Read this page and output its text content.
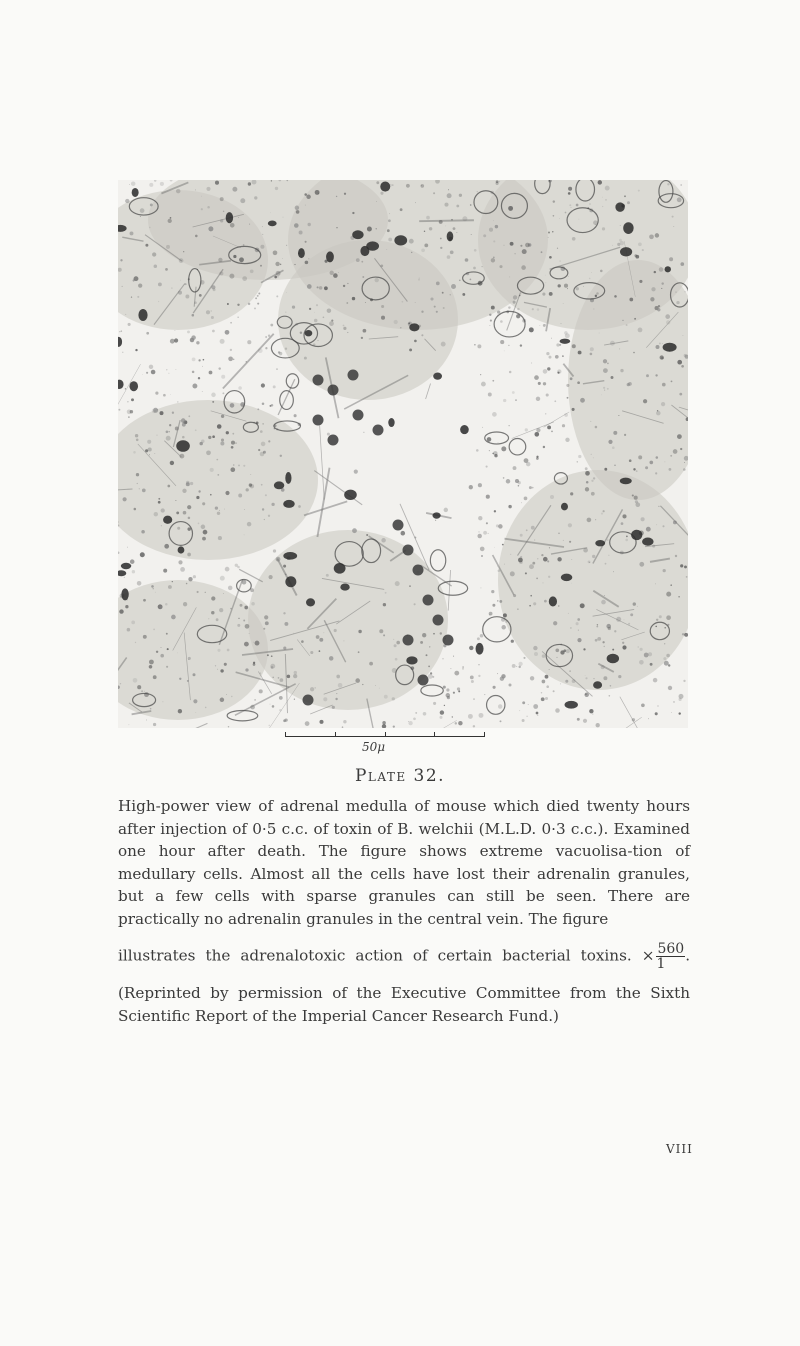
50μ
Plate 32.

High-power view of adrenal medulla of mouse which died twenty hours after injection of 0·5 c.c. of toxin of B. welchii (M.L.D. 0·3 c.c.). Examined one hour after death. The figure shows extreme vacuolisa-tion of medullary cells. Almost all the cells have lost their adrenalin granules, but a few cells with sparse granules can still be seen. There are practically no adrenalin granules in the central vein. The figure

illustrates the adrenalotoxic action of certain bacterial toxins. × $\frac{560}{1}$ .
(Reprinted by permission of the Executive Committee from the Sixth Scientific Report of the Imperial Cancer Research Fund.)
VIII
